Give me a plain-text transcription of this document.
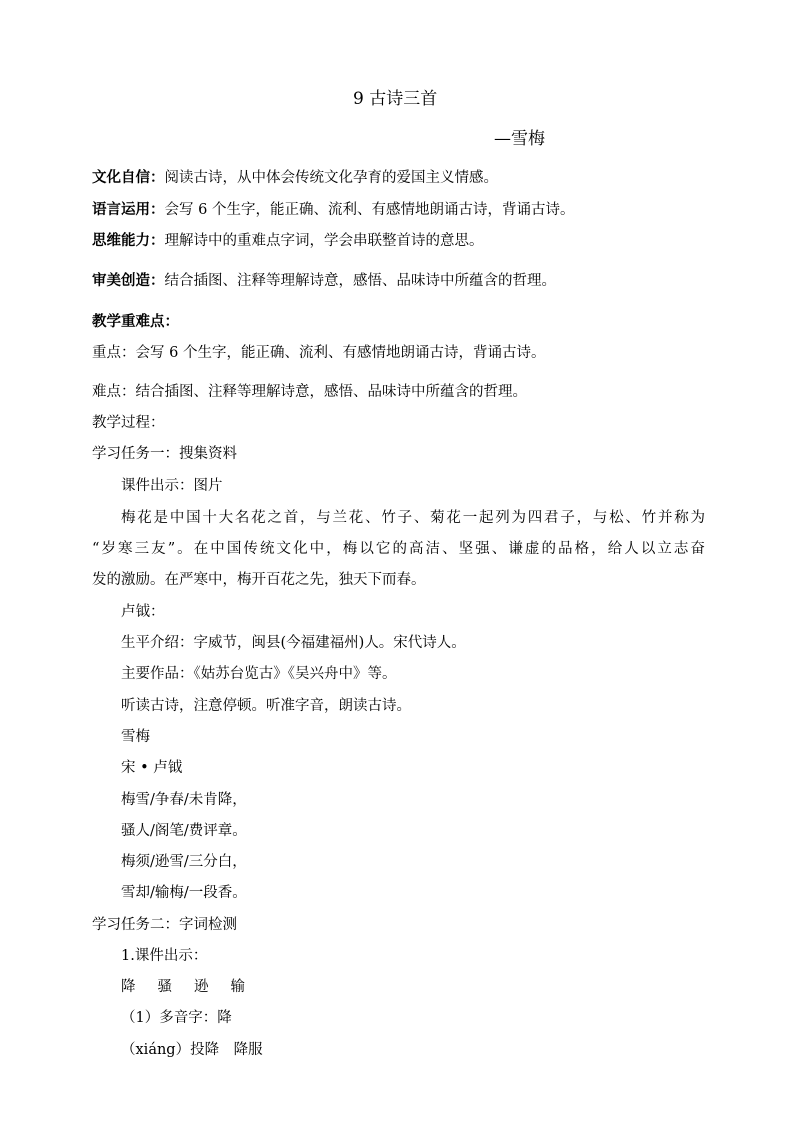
9 古诗三首
—雪梅
文化自信：阅读古诗，从中体会传统文化孕育的爱国主义情感。
语言运用：会写 6 个生字，能正确、流利、有感情地朗诵古诗，背诵古诗。
思维能力：理解诗中的重难点字词，学会串联整首诗的意思。
审美创造：结合插图、注释等理解诗意，感悟、品味诗中所蕴含的哲理。
教学重难点：
重点：会写 6 个生字，能正确、流利、有感情地朗诵古诗，背诵古诗。
难点：结合插图、注释等理解诗意，感悟、品味诗中所蕴含的哲理。
教学过程：
学习任务一：搜集资料
课件出示：图片
梅花是中国十大名花之首，与兰花、竹子、菊花一起列为四君子，与松、竹并称为
“岁寒三友”。在中国传统文化中，梅以它的高洁、坚强、谦虚的品格，给人以立志奋
发的激励。在严寒中，梅开百花之先，独天下而春。
卢钺：
生平介绍：字威节，闽县(今福建福州)人。宋代诗人。
主要作品：《姑苏台览古》《吴兴舟中》等。
听读古诗，注意停顿。听准字音，朗读古诗。
雪梅
宋 • 卢钺
梅雪/争春/未肯降，
骚人/阁笔/费评章。
梅须/逊雪/三分白，
雪却/输梅/一段香。
学习任务二：字词检测
1.课件出示：
降 骚 逊 输
（1）多音字：降
（xiáng）投降　降服
